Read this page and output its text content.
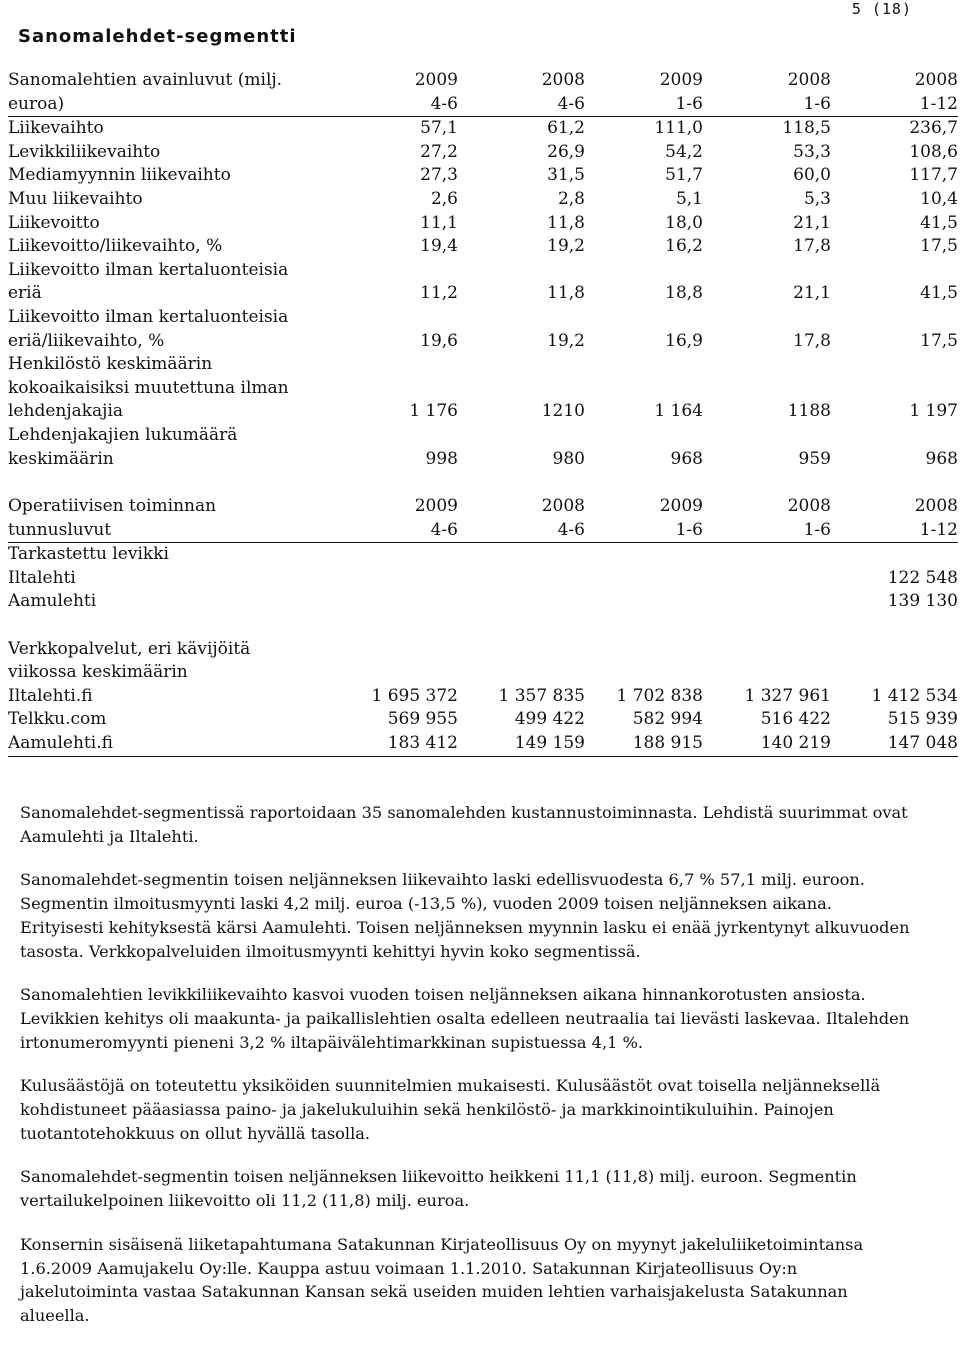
5 (18)
Sanomalehdet-segmentti
Sanomalehtien avainluvut (milj.	2009	2008	2009	2008	2008
euroa)	4-6	4-6	1-6	1-6	1-12
Liikevaihto	57,1	61,2	111,0	118,5	236,7
Levikkiliikevaihto	27,2	26,9	54,2	53,3	108,6
Mediamyynnin liikevaihto	27,3	31,5	51,7	60,0	117,7
Muu liikevaihto	2,6	2,8	5,1	5,3	10,4
Liikevoitto	11,1	11,8	18,0	21,1	41,5
Liikevoitto/liikevaihto, %	19,4	19,2	16,2	17,8	17,5
Liikevoitto ilman kertaluonteisia					
eriä	11,2	11,8	18,8	21,1	41,5
Liikevoitto ilman kertaluonteisia					
eriä/liikevaihto, %	19,6	19,2	16,9	17,8	17,5
Henkilöstö keskimäärin					
kokoaikaisiksi muutettuna ilman					
lehdenjakajia	1 176	1210	1 164	1188	1 197
Lehdenjakajien lukumäärä					
keskimäärin	998	980	968	959	968
Operatiivisen toiminnan	2009	2008	2009	2008	2008
tunnusluvut	4-6	4-6	1-6	1-6	1-12
Tarkastettu levikki					
Iltalehti					122 548
Aamulehti					139 130

Verkkopalvelut, eri kävijöitä					
viikossa keskimäärin					
Iltalehti.fi	1 695 372	1 357 835	1 702 838	1 327 961	1 412 534
Telkku.com	569 955	499 422	582 994	516 422	515 939
Aamulehti.fi	183 412	149 159	188 915	140 219	147 048

Sanomalehdet-segmentissä raportoidaan 35 sanomalehden kustannustoiminnasta. Lehdistä suurimmat ovat Aamulehti ja Iltalehti.

Sanomalehdet-segmentin toisen neljänneksen liikevaihto laski edellisvuodesta 6,7 % 57,1 milj. euroon. Segmentin ilmoitusmyynti laski 4,2 milj. euroa (-13,5 %), vuoden 2009 toisen neljänneksen aikana. Erityisesti kehityksestä kärsi Aamulehti. Toisen neljänneksen myynnin lasku ei enää jyrkentynyt alkuvuoden tasosta. Verkkopalveluiden ilmoitusmyynti kehittyi hyvin koko segmentissä.

Sanomalehtien levikkiliikevaihto kasvoi vuoden toisen neljänneksen aikana hinnankorotusten ansiosta. Levikkien kehitys oli maakunta- ja paikallislehtien osalta edelleen neutraalia tai lievästi laskevaa. Iltalehden irtonumeromyynti pieneni 3,2 % iltapäivälehtimarkkinan supistuessa 4,1 %.

Kulusäästöjä on toteutettu yksiköiden suunnitelmien mukaisesti. Kulusäästöt ovat toisella neljänneksellä kohdistuneet pääasiassa paino- ja jakelukuluihin sekä henkilöstö- ja markkinointikuluihin. Painojen tuotantotehokkuus on ollut hyvällä tasolla.

Sanomalehdet-segmentin toisen neljänneksen liikevoitto heikkeni 11,1 (11,8) milj. euroon. Segmentin vertailukelpoinen liikevoitto oli 11,2 (11,8) milj. euroa.

Konsernin sisäisenä liiketapahtumana Satakunnan Kirjateollisuus Oy on myynyt jakeluliiketoimintansa 1.6.2009 Aamujakelu Oy:lle. Kauppa astuu voimaan 1.1.2010. Satakunnan Kirjateollisuus Oy:n jakelutoiminta vastaa Satakunnan Kansan sekä useiden muiden lehtien varhaisjakelusta Satakunnan alueella.
